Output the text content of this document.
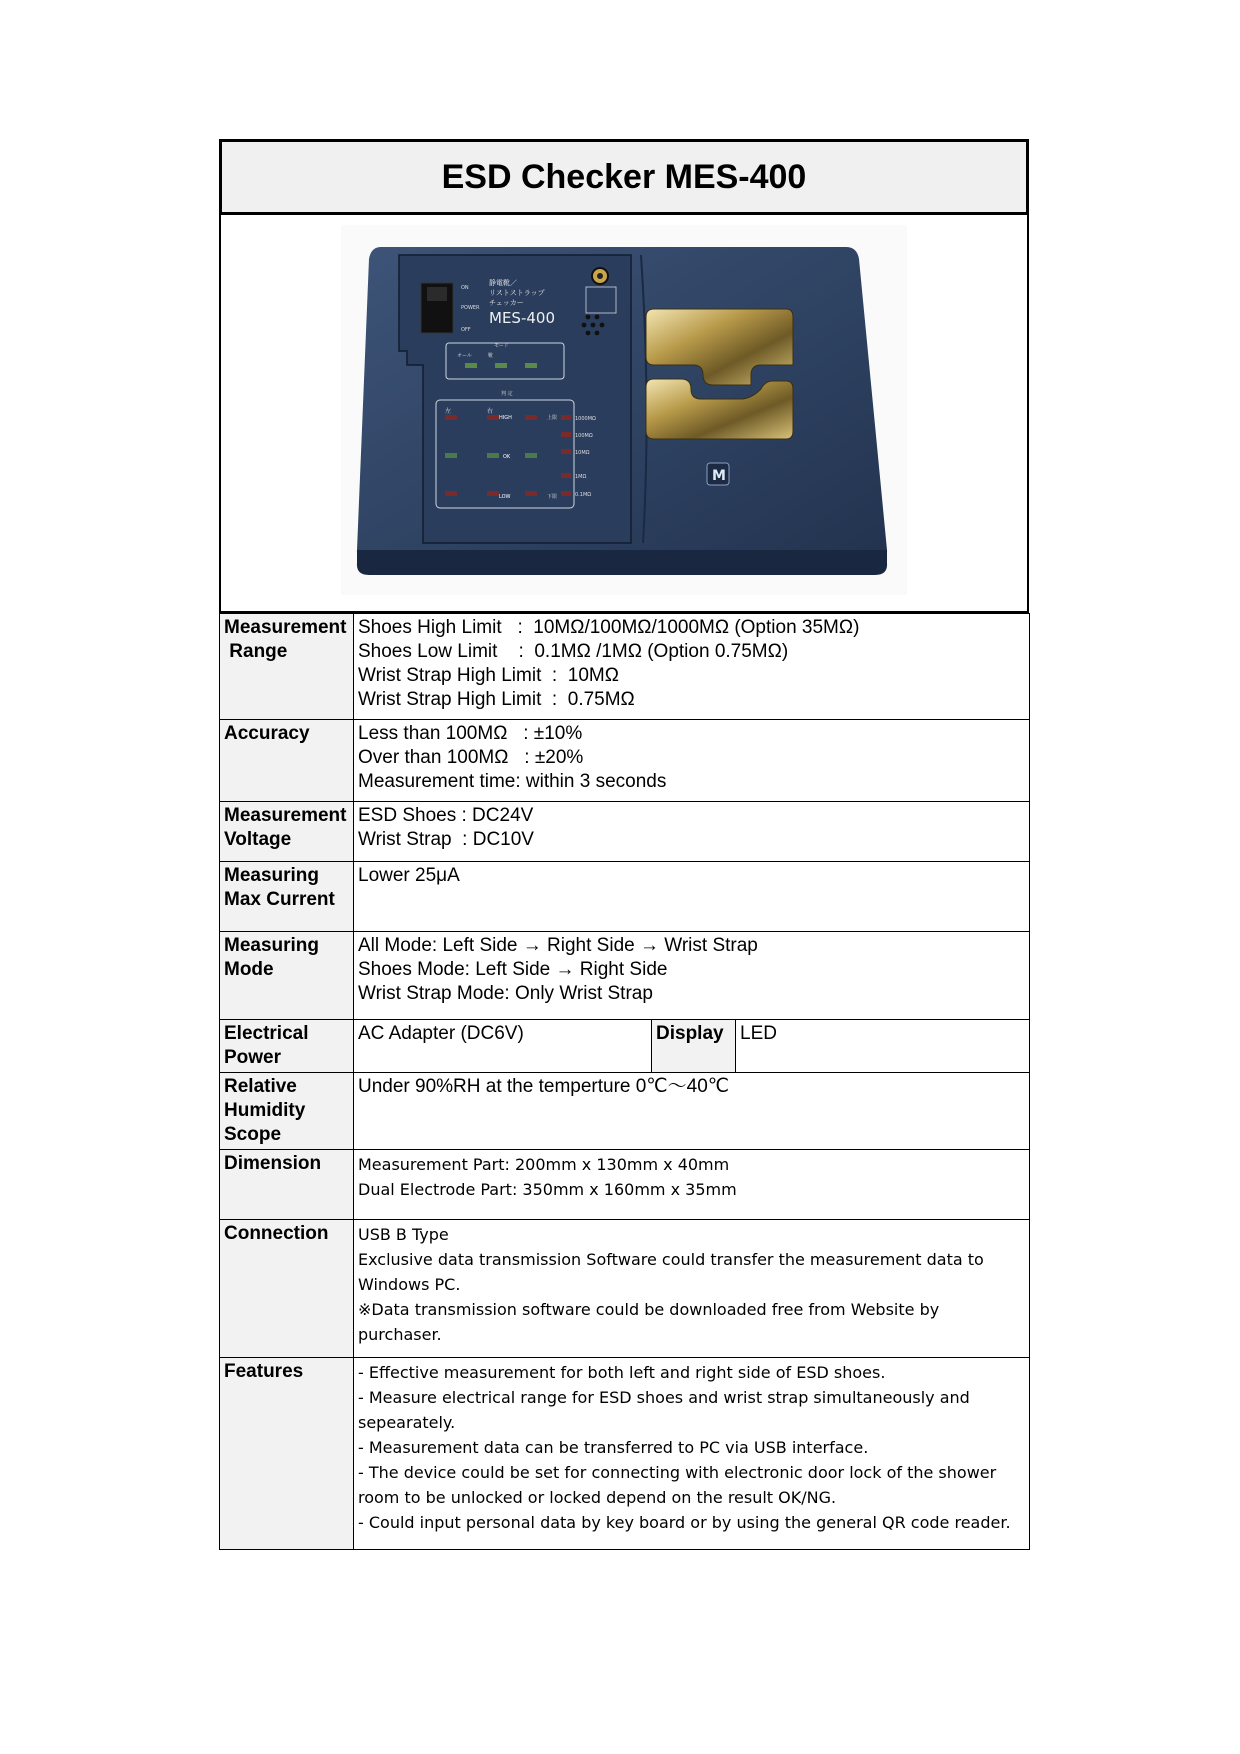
ESD Checker MES-400
ON
POWER
OFF
静電靴／
リストストラップ
チェッカー
MES-400
モード
オール	靴
判 定
左	右
HIGH
OK
LOW
上限
下限
1000MΩ
100MΩ
10MΩ
1MΩ
0.1MΩ
M
Measurement
Range	Shoes High Limit   :  10MΩ/100MΩ/1000MΩ (Option 35MΩ)
Shoes Low Limit    :  0.1MΩ /1MΩ (Option 0.75MΩ)
Wrist Strap High Limit  :  10MΩ
Wrist Strap High Limit  :  0.75MΩ		

Accuracy	Less than 100MΩ   : ±10%
Over than 100MΩ   : ±20%
Measurement time: within 3 seconds		

Measurement
Voltage	ESD Shoes : DC24V
Wrist Strap  : DC10V		

Measuring
Max Current	Lower 25μA		

Measuring
Mode	All Mode: Left Side → Right Side → Wrist Strap
Shoes Mode: Left Side → Right Side
Wrist Strap Mode: Only Wrist Strap		

Electrical
Power	AC Adapter (DC6V)	Display	LED

Relative
Humidity
Scope	Under 90%RH at the temperture 0℃～40℃		

Dimension	Measurement Part: 200mm x 130mm x 40mm
Dual Electrode Part: 350mm x 160mm x 35mm		

Connection	USB B Type
Exclusive data transmission Software could transfer the measurement data to Windows PC.
※Data transmission software could be downloaded free from Website by purchaser.		

Features	- Effective measurement for both left and right side of ESD shoes.
- Measure electrical range for ESD shoes and wrist strap simultaneously and sepearately.
- Measurement data can be transferred to PC via USB interface.
- The device could be set for connecting with electronic door lock of the shower room to be unlocked or locked depend on the result OK/NG.
- Could input personal data by key board or by using the general QR code reader.		
